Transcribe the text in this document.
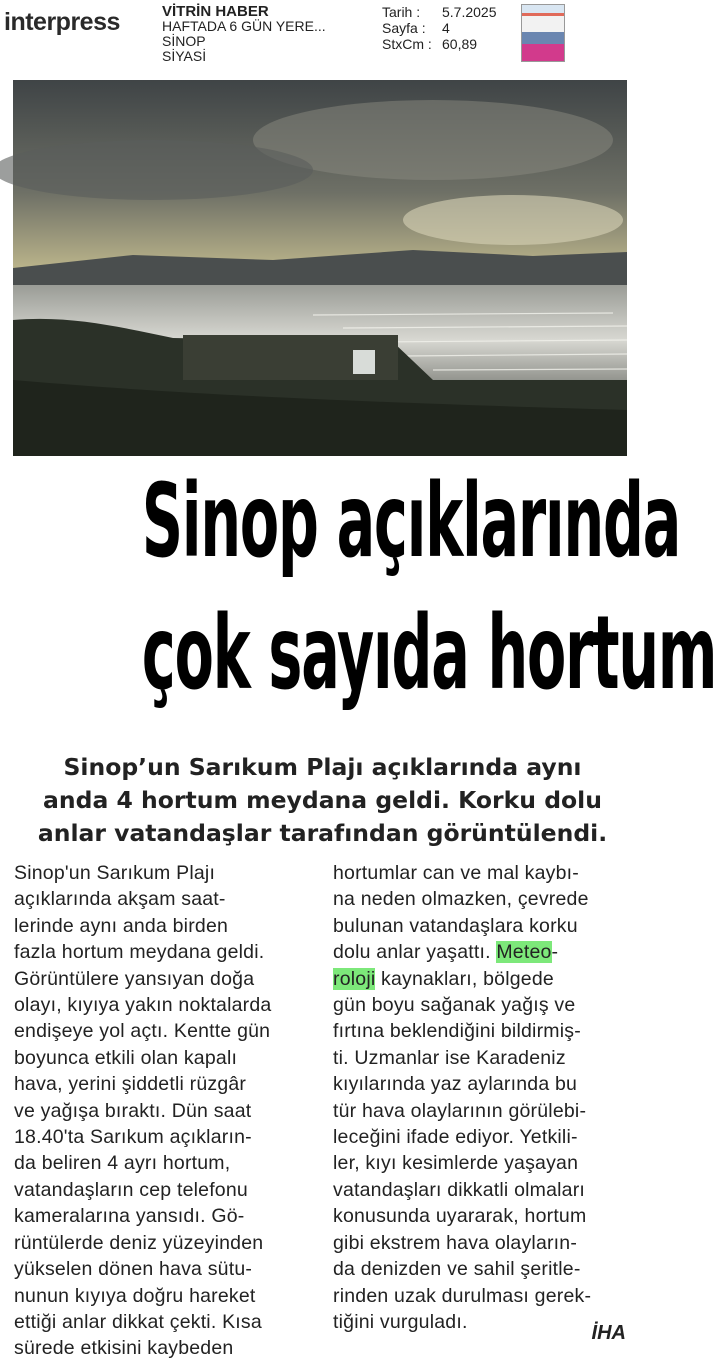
interpress	VİTRİN HABER
HAFTADA 6 GÜN YERE...
SİNOP
SİYASİ
Tarih :	5.7.2025
Sayfa :	4
StxCm : 60,89
Sinop açıklarında
çok sayıda hortum
Sinop’un Sarıkum Plajı açıklarında aynı
anda 4 hortum meydana geldi. Korku dolu
anlar vatandaşlar tarafından görüntülendi.

Sinop'un Sarıkum Plajı
açıklarında akşam saat-
lerinde aynı anda birden
fazla hortum meydana geldi.
Görüntülere yansıyan doğa
olayı, kıyıya yakın noktalarda
endişeye yol açtı. Kentte gün
boyunca etkili olan kapalı
hava, yerini şiddetli rüzgâr
ve yağışa bıraktı. Dün saat
18.40'ta Sarıkum açıkların-
da beliren 4 ayrı hortum,
vatandaşların cep telefonu
kameralarına yansıdı. Gö-
rüntülerde deniz yüzeyinden
yükselen dönen hava sütu-
nunun kıyıya doğru hareket
ettiği anlar dikkat çekti. Kısa
sürede etkisini kaybeden

hortumlar can ve mal kaybı-
na neden olmazken, çevrede
bulunan vatandaşlara korku
dolu anlar yaşattı. Meteo-
roloji kaynakları, bölgede
gün boyu sağanak yağış ve
fırtına beklendiğini bildirmiş-
ti. Uzmanlar ise Karadeniz
kıyılarında yaz aylarında bu
tür hava olaylarının görülebi-
leceğini ifade ediyor. Yetkili-
ler, kıyı kesimlerde yaşayan
vatandaşları dikkatli olmaları
konusunda uyararak, hortum
gibi ekstrem hava olayların-
da denizden ve sahil şeritle-
rinden uzak durulması gerek-
tiğini vurguladı.

İHA
